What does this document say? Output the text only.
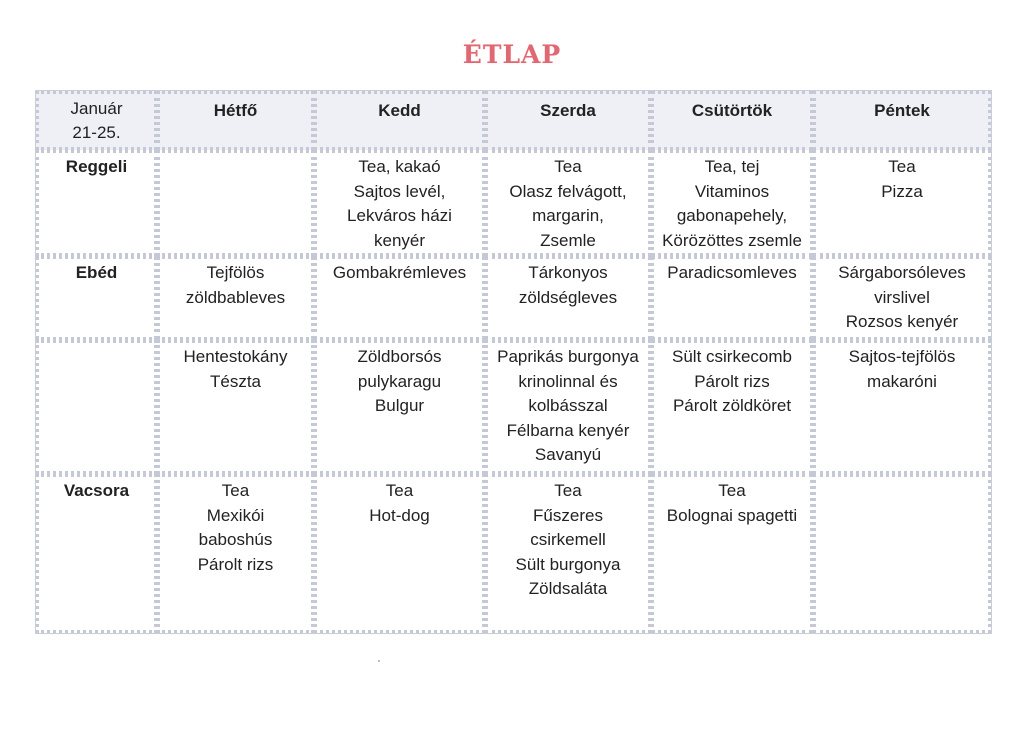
ÉTLAP
Január
21-25.	Hétfő	Kedd	Szerda	Csütörtök	Péntek
Reggeli		Tea, kakaó
Sajtos levél,
Lekváros házi
kenyér	Tea
Olasz felvágott,
margarin,
Zsemle	Tea, tej
Vitaminos
gabonapehely,
Körözöttes zsemle	Tea
Pizza

Ebéd	Tejfölös
zöldbableves	Gombakrémleves	Tárkonyos
zöldségleves	Paradicsomleves	Sárgaborsóleves
virslivel
Rozsos kenyér

	Hentestokány
Tészta	Zöldborsós
pulykaragu
Bulgur	Paprikás burgonya
krinolinnal és
kolbásszal
Félbarna kenyér
Savanyú	Sült csirkecomb
Párolt rizs
Párolt zöldköret	Sajtos-tejfölös
makaróni

Vacsora	Tea
Mexikói
baboshús
Párolt rizs	Tea
Hot-dog	Tea
Fűszeres
csirkemell
Sült burgonya
Zöldsaláta	Tea
Bolognai spagetti	
